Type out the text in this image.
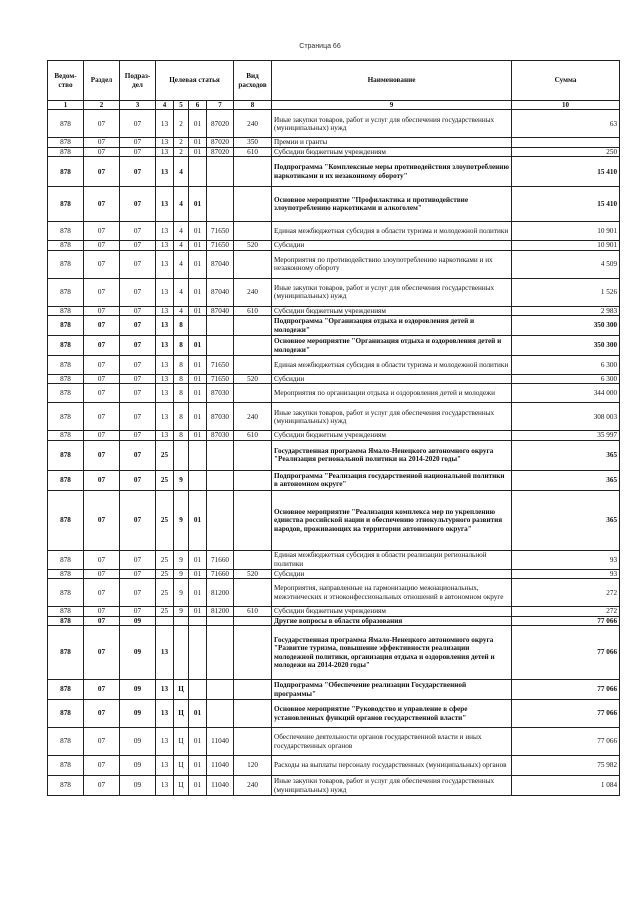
Страница 66
Ведом-ство	Раздел	Подраз-дел	Целевая статья				Вид расходов	Наименование	Сумма

1	2	3	4	5	6	7	8	9	10
878	07	07	13	2	01	87020	240	Иные закупки товаров, работ и услуг для обеспечения государственных (муниципальных) нужд	63
878	07	07	13	2	01	87020	350	Премии и гранты	
878	07	07	13	2	01	87020	610	Субсидии бюджетным учреждениям	250
878	07	07	13	4				Подпрограмма "Комплексные меры противодействия злоупотреблению наркотиками и их незаконному обороту"	15 410
878	07	07	13	4	01			Основное мероприятие "Профилактика и противодействие злоупотреблению наркотиками и алкоголем"	15 410
878	07	07	13	4	01	71650		Единая межбюджетная субсидия в области туризма и молодежной политики	10 901
878	07	07	13	4	01	71650	520	Субсидии	10 901
878	07	07	13	4	01	87040		Мероприятия по противодействию злоупотреблению наркотиками и их незаконному обороту	4 509
878	07	07	13	4	01	87040	240	Иные закупки товаров, работ и услуг для обеспечения государственных (муниципальных) нужд	1 526
878	07	07	13	4	01	87040	610	Субсидии бюджетным учреждениям	2 983
878	07	07	13	8				Подпрограмма "Организация отдыха и оздоровления детей и молодежи"	350 300
878	07	07	13	8	01			Основное мероприятие "Организация отдыха и оздоровления детей и молодежи"	350 300
878	07	07	13	8	01	71650		Единая межбюджетная субсидия в области туризма и молодежной политики	6 300
878	07	07	13	8	01	71650	520	Субсидии	6 300
878	07	07	13	8	01	87030		Мероприятия по организации отдыха и оздоровления детей и молодежи	344 000
878	07	07	13	8	01	87030	240	Иные закупки товаров, работ и услуг для обеспечения государственных (муниципальных) нужд	308 003
878	07	07	13	8	01	87030	610	Субсидии бюджетным учреждениям	35 997
878	07	07	25					Государственная программа Ямало-Ненецкого автономного округа "Реализация региональной политики на 2014-2020 годы"	365
878	07	07	25	9				Подпрограмма "Реализация государственной национальной политики в автономном округе"	365
878	07	07	25	9	01			Основное мероприятие "Реализация комплекса мер по укреплению единства российской нации и обеспечению этнокультурного развития народов, проживающих на территории автономного округа"	365
878	07	07	25	9	01	71660		Единая межбюджетная субсидия в области реализации региональной политики	93
878	07	07	25	9	01	71660	520	Субсидии	93
878	07	07	25	9	01	81200		Мероприятия, направленные на гармонизацию межнациональных, межэтнических и этноконфессиональных отношений в автономном округе	272
878	07	07	25	9	01	81200	610	Субсидии бюджетным учреждениям	272
878	07	09						Другие вопросы в области образования	77 066
878	07	09	13					Государственная программа Ямало-Ненецкого автономного округа "Развитие туризма, повышение эффективности реализации молодежной политики, организация отдыха и оздоровления детей и молодежи на 2014-2020 годы"	77 066
878	07	09	13	Ц				Подпрограмма "Обеспечение реализации Государственной программы"	77 066
878	07	09	13	Ц	01			Основное мероприятие "Руководство и управление в сфере установленных функций органов государственной власти"	77 066
878	07	09	13	Ц	01	11040		Обеспечение деятельности органов государственной власти и иных государственных органов	77 066
878	07	09	13	Ц	01	11040	120	Расходы на выплаты персоналу государственных (муниципальных) органов	75 982
878	07	09	13	Ц	01	11040	240	Иные закупки товаров, работ и услуг для обеспечения государственных (муниципальных) нужд	1 084
